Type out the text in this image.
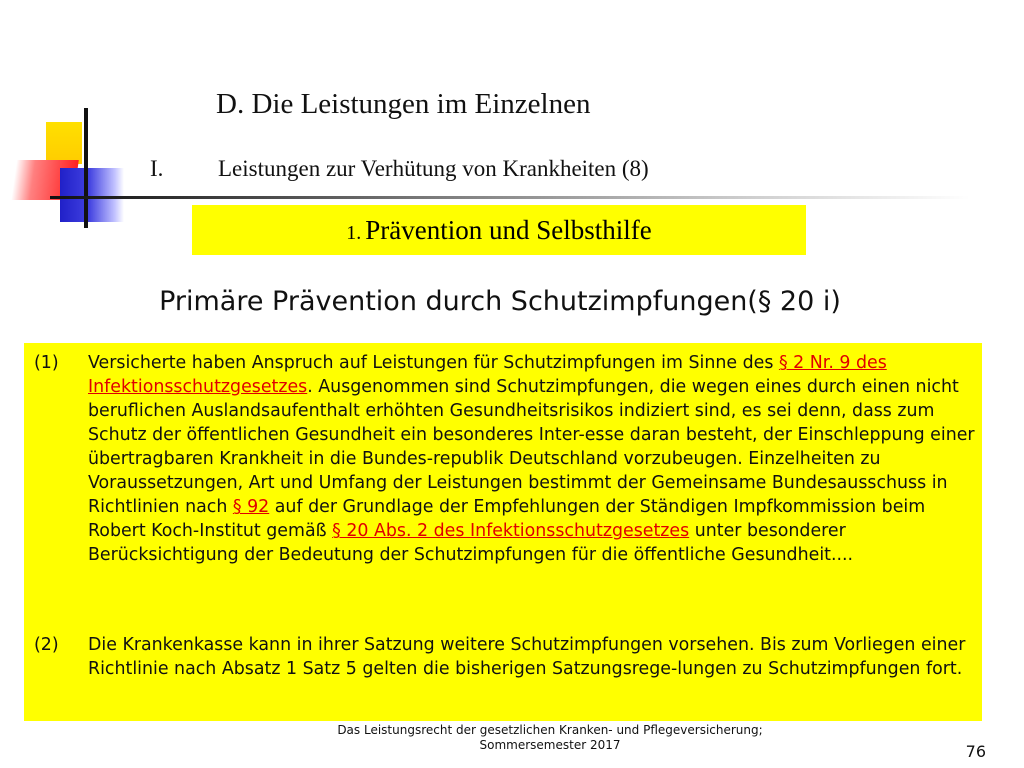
D. Die Leistungen im Einzelnen
I. Leistungen zur Verhütung von Krankheiten (8)
1. Prävention und Selbsthilfe
Primäre Prävention durch Schutzimpfungen(§ 20 i)
(1) Versicherte haben Anspruch auf Leistungen für Schutzimpfungen im Sinne des § 2 Nr. 9 des Infektionsschutzgesetzes. Ausgenommen sind Schutzimpfungen, die wegen eines durch einen nicht beruflichen Auslandsaufenthalt erhöhten Gesundheitsrisikos indiziert sind, es sei denn, dass zum Schutz der öffentlichen Gesundheit ein besonderes Inter-esse daran besteht, der Einschleppung einer übertragbaren Krankheit in die Bundes-republik Deutschland vorzubeugen. Einzelheiten zu Voraussetzungen, Art und Umfang der Leistungen bestimmt der Gemeinsame Bundesausschuss in Richtlinien nach § 92 auf der Grundlage der Empfehlungen der Ständigen Impfkommission beim Robert Koch-Institut gemäß § 20 Abs. 2 des Infektionsschutzgesetzes unter besonderer Berücksichtigung der Bedeutung der Schutzimpfungen für die öffentliche Gesundheit....
(2) Die Krankenkasse kann in ihrer Satzung weitere Schutzimpfungen vorsehen. Bis zum Vorliegen einer Richtlinie nach Absatz 1 Satz 5 gelten die bisherigen Satzungsrege-lungen zu Schutzimpfungen fort.
Das Leistungsrecht der gesetzlichen Kranken- und Pflegeversicherung;
Sommersemester 2017	76
